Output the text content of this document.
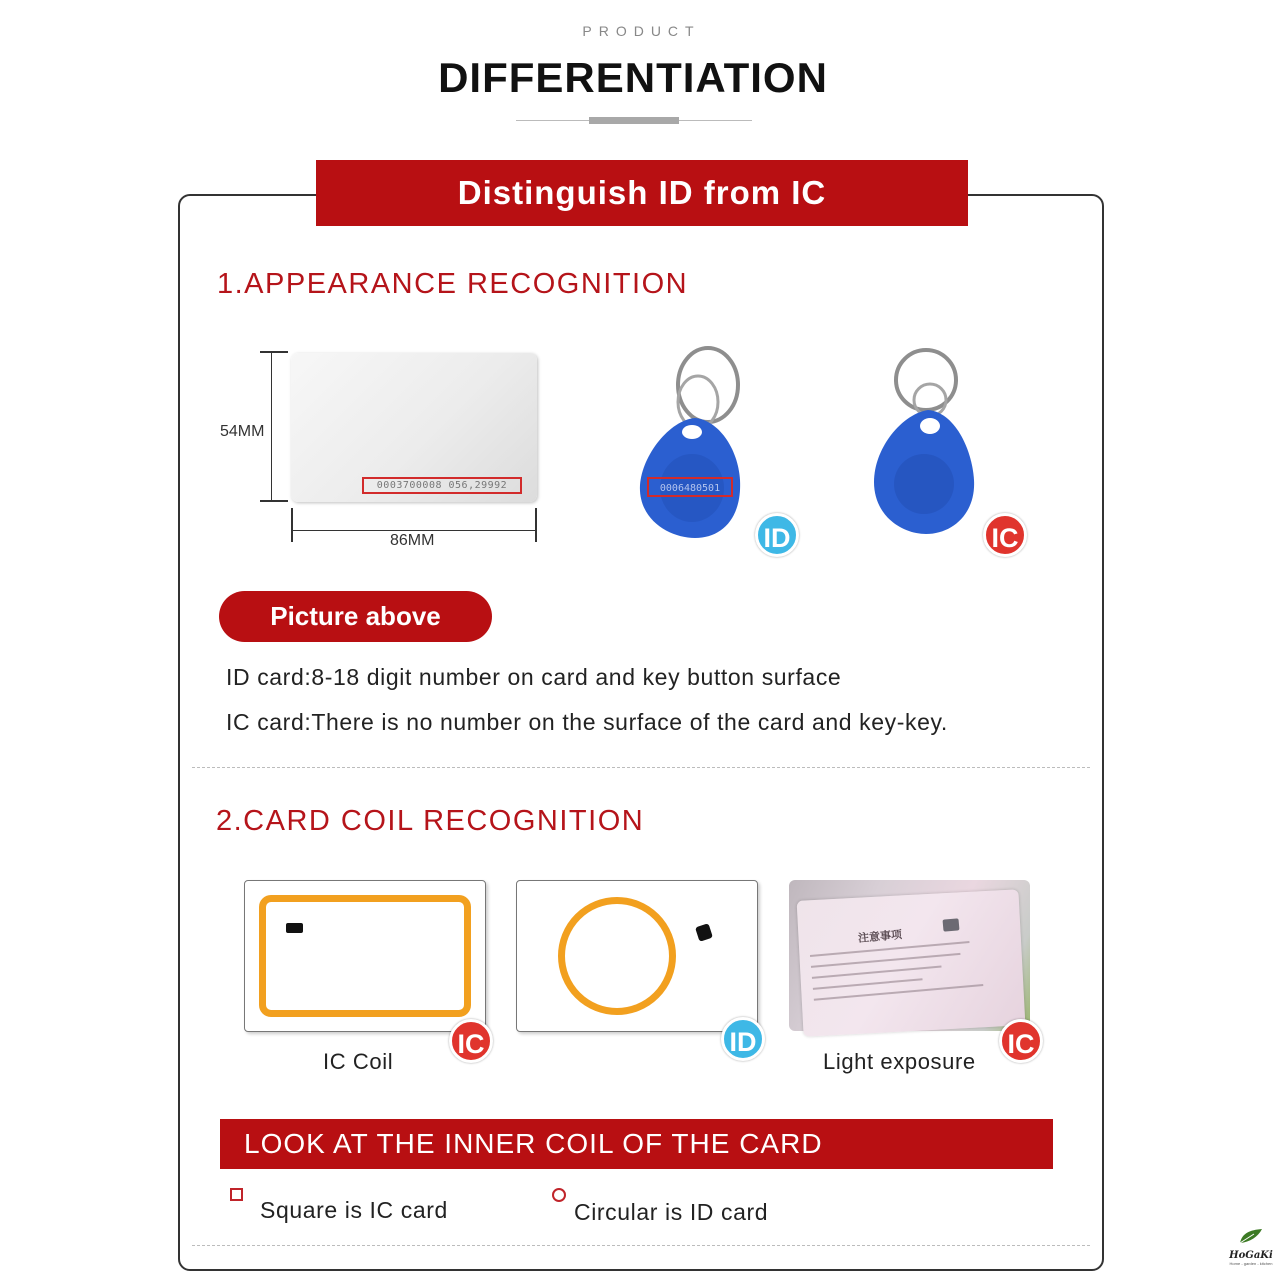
PRODUCT
DIFFERENTIATION
Distinguish ID from IC
1.APPEARANCE RECOGNITION
54MM
0003700008 056,29992
86MM
0006480501
ID	IC
Picture above
ID card:8-18 digit number on card and key button surface
IC card:There is no number on the surface of the card and key-key.
2.CARD COIL RECOGNITION
IC
IC Coil
ID
注意事项
IC
Light exposure
LOOK AT THE INNER COIL OF THE CARD
Square is IC card	Circular is ID card
HoGaKi
Home - garden - kitchen
